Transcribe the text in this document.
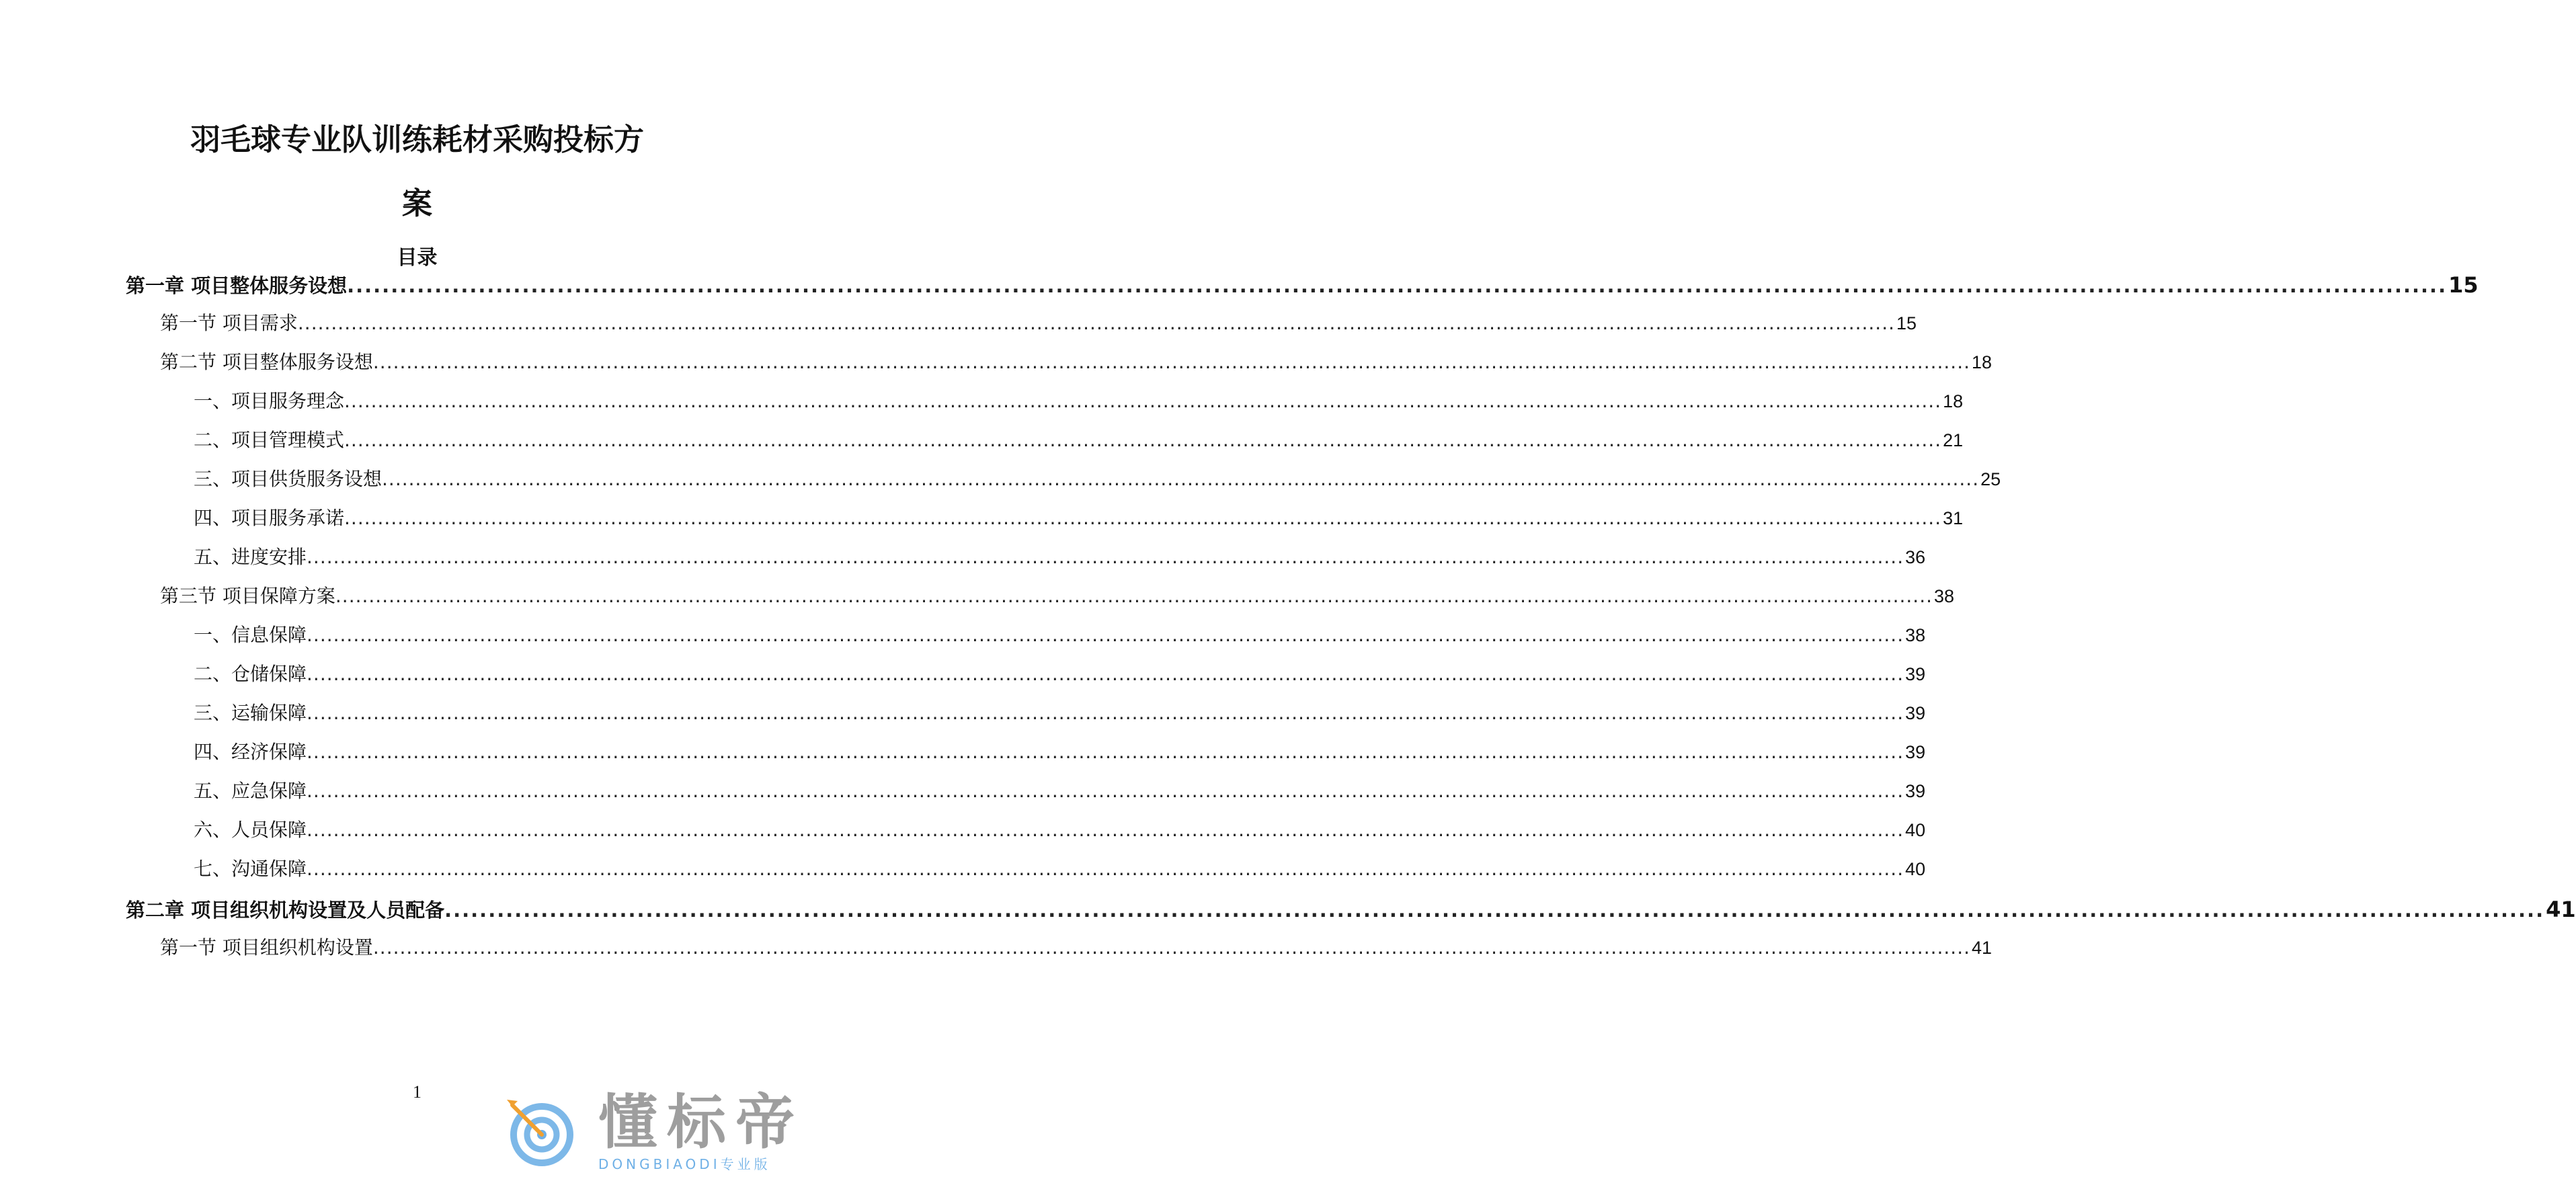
羽毛球专业队训练耗材采购投标方
案
目录
第一章 项目整体服务设想 ................................................................................................................................................................................................................................................ 15
第一节 项目需求 ................................................................................................................................................................................................................................................ 15
第二节 项目整体服务设想 ................................................................................................................................................................................................................................................ 18
一、项目服务理念 ................................................................................................................................................................................................................................................ 18
二、项目管理模式 ................................................................................................................................................................................................................................................ 21
三、项目供货服务设想 ................................................................................................................................................................................................................................................ 25
四、项目服务承诺 ................................................................................................................................................................................................................................................ 31
五、进度安排 ................................................................................................................................................................................................................................................ 36
第三节 项目保障方案 ................................................................................................................................................................................................................................................ 38
一、信息保障 ................................................................................................................................................................................................................................................ 38
二、仓储保障 ................................................................................................................................................................................................................................................ 39
三、运输保障 ................................................................................................................................................................................................................................................ 39
四、经济保障 ................................................................................................................................................................................................................................................ 39
五、应急保障 ................................................................................................................................................................................................................................................ 39
六、人员保障 ................................................................................................................................................................................................................................................ 40
七、沟通保障 ................................................................................................................................................................................................................................................ 40
第二章 项目组织机构设置及人员配备 ................................................................................................................................................................................................................................................ 41
第一节 项目组织机构设置 ................................................................................................................................................................................................................................................ 41
1	懂标帝
DONGBIAODI专业版
